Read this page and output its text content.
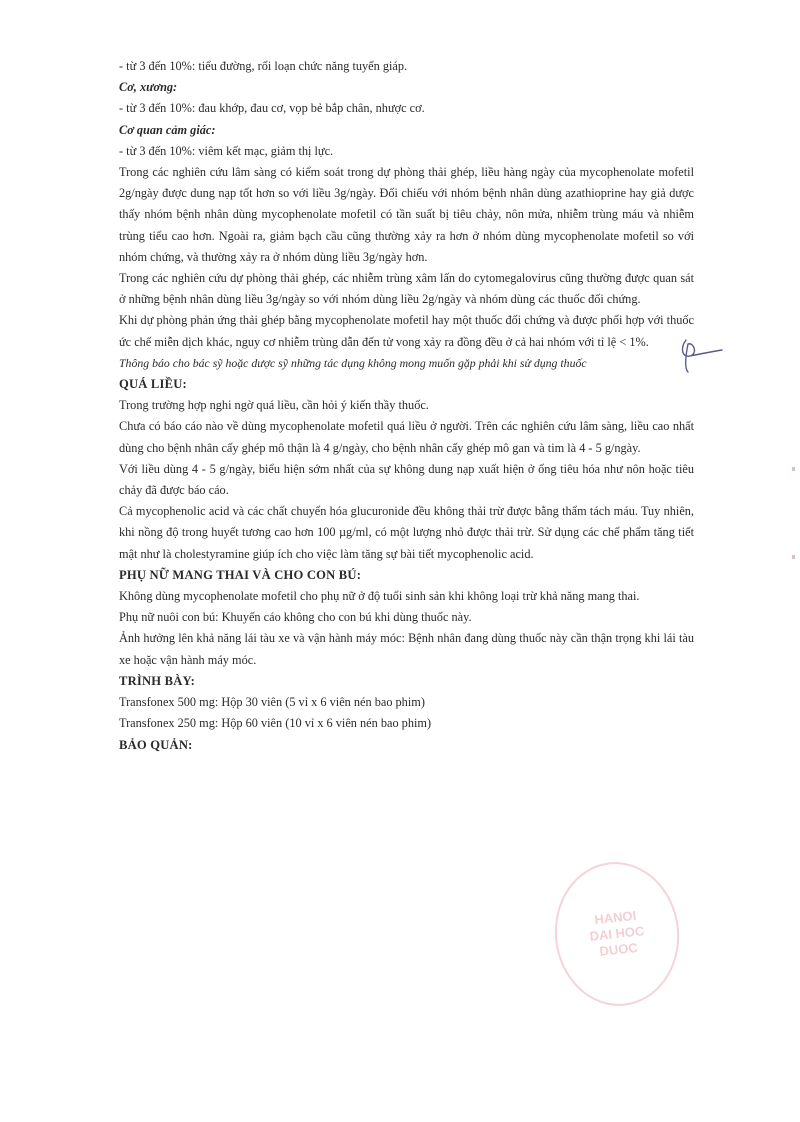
- từ 3 đến 10%: tiểu đường, rối loạn chức năng tuyến giáp.

Cơ, xương:

- từ 3 đến 10%: đau khớp, đau cơ, vọp bẻ bắp chân, nhược cơ.

Cơ quan cảm giác:

- từ 3 đến 10%: viêm kết mạc, giảm thị lực.

Trong các nghiên cứu lâm sàng có kiểm soát trong dự phòng thải ghép, liều hàng ngày của mycophenolate mofetil 2g/ngày được dung nạp tốt hơn so với liều 3g/ngày. Đối chiếu với nhóm bệnh nhân dùng azathioprine hay giả dược thấy nhóm bệnh nhân dùng mycophenolate mofetil có tần suất bị tiêu chảy, nôn mửa, nhiễm trùng máu và nhiễm trùng tiểu cao hơn. Ngoài ra, giảm bạch cầu cũng thường xảy ra hơn ở nhóm dùng mycophenolate mofetil so với nhóm chứng, và thường xảy ra ở nhóm dùng liều 3g/ngày hơn.

Trong các nghiên cứu dự phòng thải ghép, các nhiễm trùng xâm lấn do cytomegalovirus cũng thường được quan sát ở những bệnh nhân dùng liều 3g/ngày so với nhóm dùng liều 2g/ngày và nhóm dùng các thuốc đối chứng.

Khi dự phòng phản ứng thải ghép bằng mycophenolate mofetil hay một thuốc đối chứng và được phối hợp với thuốc ức chế miễn dịch khác, nguy cơ nhiễm trùng dẫn đến tử vong xảy ra đồng đều ở cả hai nhóm với tỉ lệ < 1%.

Thông báo cho bác sỹ hoặc dược sỹ những tác dụng không mong muốn gặp phải khi sử dụng thuốc

QUÁ LIỀU:

Trong trường hợp nghi ngờ quá liều, cần hỏi ý kiến thầy thuốc.

Chưa có báo cáo nào về dùng mycophenolate mofetil quá liều ở người. Trên các nghiên cứu lâm sàng, liều cao nhất dùng cho bệnh nhân cấy ghép mô thận là 4 g/ngày, cho bệnh nhân cấy ghép mô gan và tim là 4 - 5 g/ngày.

Với liều dùng 4 - 5 g/ngày, biểu hiện sớm nhất của sự không dung nạp xuất hiện ở ống tiêu hóa như nôn hoặc tiêu chảy đã được báo cáo.

Cả mycophenolic acid và các chất chuyển hóa glucuronide đều không thải trừ được bằng thẩm tách máu. Tuy nhiên, khi nồng độ trong huyết tương cao hơn 100 µg/ml, có một lượng nhỏ được thải trừ. Sử dụng các chế phẩm tăng tiết mật như là cholestyramine giúp ích cho việc làm tăng sự bài tiết mycophenolic acid.

PHỤ NỮ MANG THAI VÀ CHO CON BÚ:

Không dùng mycophenolate mofetil cho phụ nữ ở độ tuổi sinh sản khi không loại trừ khả năng mang thai.

Phụ nữ nuôi con bú: Khuyến cáo không cho con bú khi dùng thuốc này.

Ảnh hưởng lên khả năng lái tàu xe và vận hành máy móc: Bệnh nhân đang dùng thuốc này cần thận trọng khi lái tàu xe hoặc vận hành máy móc.

TRÌNH BÀY:

Transfonex 500 mg: Hộp 30 viên (5 vỉ x 6 viên nén bao phim)

Transfonex 250 mg: Hộp 60 viên (10 vỉ x 6 viên nén bao phim)

BẢO QUẢN:

HANOI
DAI HOC
DUOC
